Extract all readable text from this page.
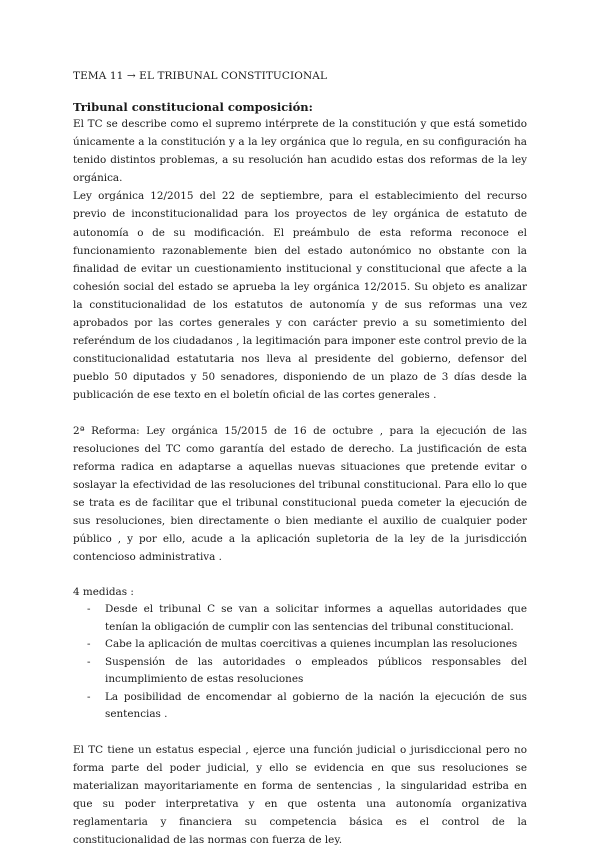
TEMA 11 → EL TRIBUNAL CONSTITUCIONAL
Tribunal constitucional composición:

El TC se describe como el supremo intérprete de la constitución y que está sometido únicamente a la constitución y a la ley orgánica que lo regula, en su configuración ha tenido distintos problemas, a su resolución han acudido estas dos reformas de la ley orgánica.

Ley orgánica 12/2015 del 22 de septiembre, para el establecimiento del recurso previo de inconstitucionalidad para los proyectos de ley orgánica de estatuto de autonomía o de su modificación. El preámbulo de esta reforma reconoce el funcionamiento razonablemente bien del estado autonómico no obstante con la finalidad de evitar un cuestionamiento institucional y constitucional que afecte a la cohesión social del estado se aprueba la ley orgánica 12/2015. Su objeto es analizar la constitucionalidad de los estatutos de autonomía y de sus reformas una vez aprobados por las cortes generales y con carácter previo a su sometimiento del referéndum de los ciudadanos , la legitimación para imponer este control previo de la constitucionalidad estatutaria nos lleva al presidente del gobierno, defensor del pueblo 50 diputados y 50 senadores, disponiendo de un plazo de 3 días desde la publicación de ese texto en el boletín oficial de las cortes generales .

2ª Reforma: Ley orgánica 15/2015 de 16 de octubre , para la ejecución de las resoluciones del TC como garantía del estado de derecho. La justificación de esta reforma radica en adaptarse a aquellas nuevas situaciones que pretende evitar o soslayar la efectividad de las resoluciones del tribunal constitucional. Para ello lo que se trata es de facilitar que el tribunal constitucional pueda cometer la ejecución de sus resoluciones, bien directamente o bien mediante el auxilio de cualquier poder público , y por ello, acude a la aplicación supletoria de la ley de la jurisdicción contencioso administrativa .

4 medidas :
- Desde el tribunal C se van a solicitar informes a aquellas autoridades que tenían la obligación de cumplir con las sentencias del tribunal constitucional.
- Cabe la aplicación de multas coercitivas a quienes incumplan las resoluciones
- Suspensión de las autoridades o empleados públicos responsables del incumplimiento de estas resoluciones
- La posibilidad de encomendar al gobierno de la nación la ejecución de sus sentencias .

El TC tiene un estatus especial , ejerce una función judicial o jurisdiccional pero no forma parte del poder judicial, y ello se evidencia en que sus resoluciones se materializan mayoritariamente en forma de sentencias , la singularidad estriba en que su poder interpretativa y en que ostenta una autonomía organizativa reglamentaria y financiera su competencia básica es el control de la constitucionalidad de las normas con fuerza de ley.
